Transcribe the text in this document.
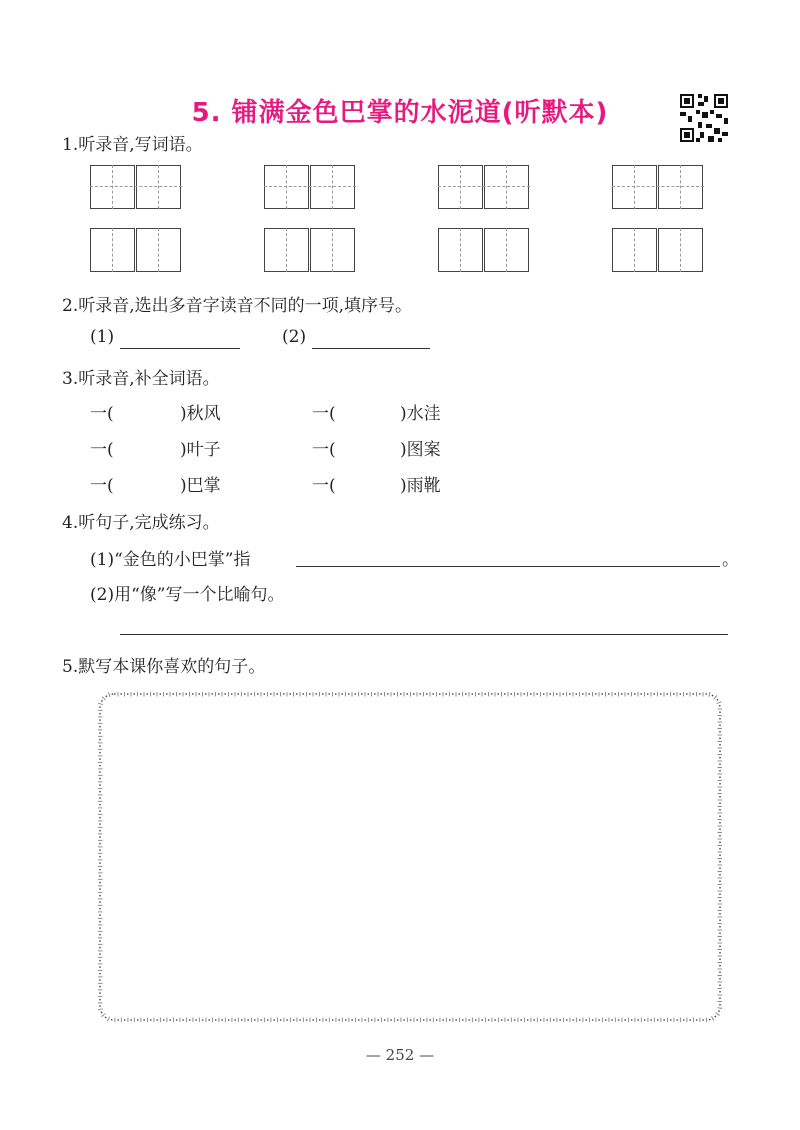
5. 铺满金色巴掌的水泥道(听默本)
1.听录音,写词语。
2.听录音,选出多音字读音不同的一项,填序号。
(1)	(2)
3.听录音,补全词语。
一(	)秋风	一(	)水洼
一(	)叶子	一(	)图案
一(	)巴掌	一(	)雨靴
4.听句子,完成练习。
(1)“金色的小巴掌”指	。
(2)用“像”写一个比喻句。
5.默写本课你喜欢的句子。
— 252 —
